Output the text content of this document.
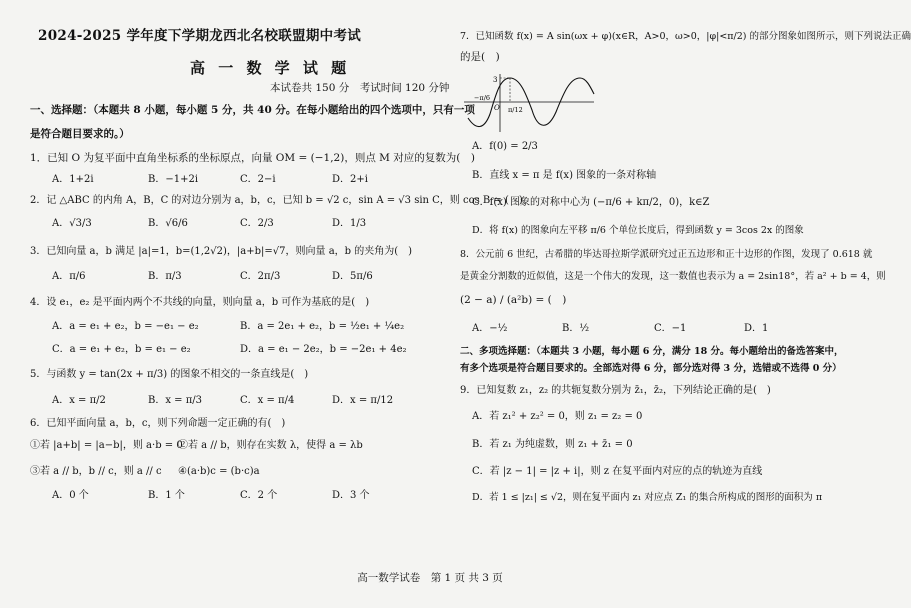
2024-2025 学年度下学期龙西北名校联盟期中考试
高 一 数 学 试 题
本试卷共 150 分　考试时间 120 分钟
一、选择题：（本题共 8 小题，每小题 5 分，共 40 分。在每小题给出的四个选项中，只有一项
是符合题目要求的。）
1．已知 O 为复平面中直角坐标系的坐标原点，向量 OM = (−1,2)，则点 M 对应的复数为(　)
A．1+2i	B．−1+2i	C．2−i	D．2+i
2．记 △ABC 的内角 A，B，C 的对边分别为 a，b，c，已知 b = √2 c，sin A = √3 sin C，则 cos B = (　)
A．√3/3	B．√6/6	C．2/3	D．1/3
3．已知向量 a，b 满足 |a|=1，b=(1,2√2)，|a+b|=√7，则向量 a，b 的夹角为(　)
A．π/6	B．π/3	C．2π/3	D．5π/6
4．设 e₁，e₂ 是平面内两个不共线的向量，则向量 a，b 可作为基底的是(　)
A．a = e₁ + e₂，b = −e₁ − e₂	B．a = 2e₁ + e₂，b = ½e₁ + ¼e₂
C．a = e₁ + e₂，b = e₁ − e₂	D．a = e₁ − 2e₂，b = −2e₁ + 4e₂
5．与函数 y = tan(2x + π/3) 的图象不相交的一条直线是(　)
A．x = π/2	B．x = π/3	C．x = π/4	D．x = π/12
6．已知平面向量 a，b，c，则下列命题一定正确的有(　)
①若 |a+b| = |a−b|，则 a·b = 0
②若 a // b，则存在实数 λ，使得 a = λb
③若 a // b，b // c，则 a // c ④(a·b)c = (b·c)a
A．0 个	B．1 个	C．2 个	D．3 个
7．已知函数 f(x) = A sin(ωx + φ)(x∈R，A>0，ω>0，|φ|<π/2) 的部分图象如图所示，则下列说法正确
的是(　)
3
−π/6
O π/12
A．f(0) = 2/3
B．直线 x = π 是 f(x) 图象的一条对称轴
C．f(x) 图象的对称中心为 (−π/6 + kπ/2，0)，k∈Z
D．将 f(x) 的图象向左平移 π/6 个单位长度后，得到函数 y = 3cos 2x 的图象
8．公元前 6 世纪，古希腊的毕达哥拉斯学派研究过正五边形和正十边形的作图，发现了 0.618 就
是黄金分割数的近似值，这是一个伟大的发现，这一数值也表示为 a = 2sin18°，若 a² + b = 4，则
(2 − a) / (a²b) = (　)
A．−½	B．½	C．−1	D．1
二、多项选择题：（本题共 3 小题，每小题 6 分，满分 18 分。每小题给出的备选答案中，
有多个选项是符合题目要求的。全部选对得 6 分，部分选对得 3 分，选错或不选得 0 分）
9．已知复数 z₁，z₂ 的共轭复数分别为 z̄₁，z̄₂，下列结论正确的是(　)
A．若 z₁² + z₂² = 0，则 z₁ = z₂ = 0
B．若 z₁ 为纯虚数，则 z₁ + z̄₁ = 0
C．若 |z − 1| = |z + i|，则 z 在复平面内对应的点的轨迹为直线
D．若 1 ≤ |z₁| ≤ √2，则在复平面内 z₁ 对应点 Z₁ 的集合所构成的图形的面积为 π
高一数学试卷　第 1 页 共 3 页
